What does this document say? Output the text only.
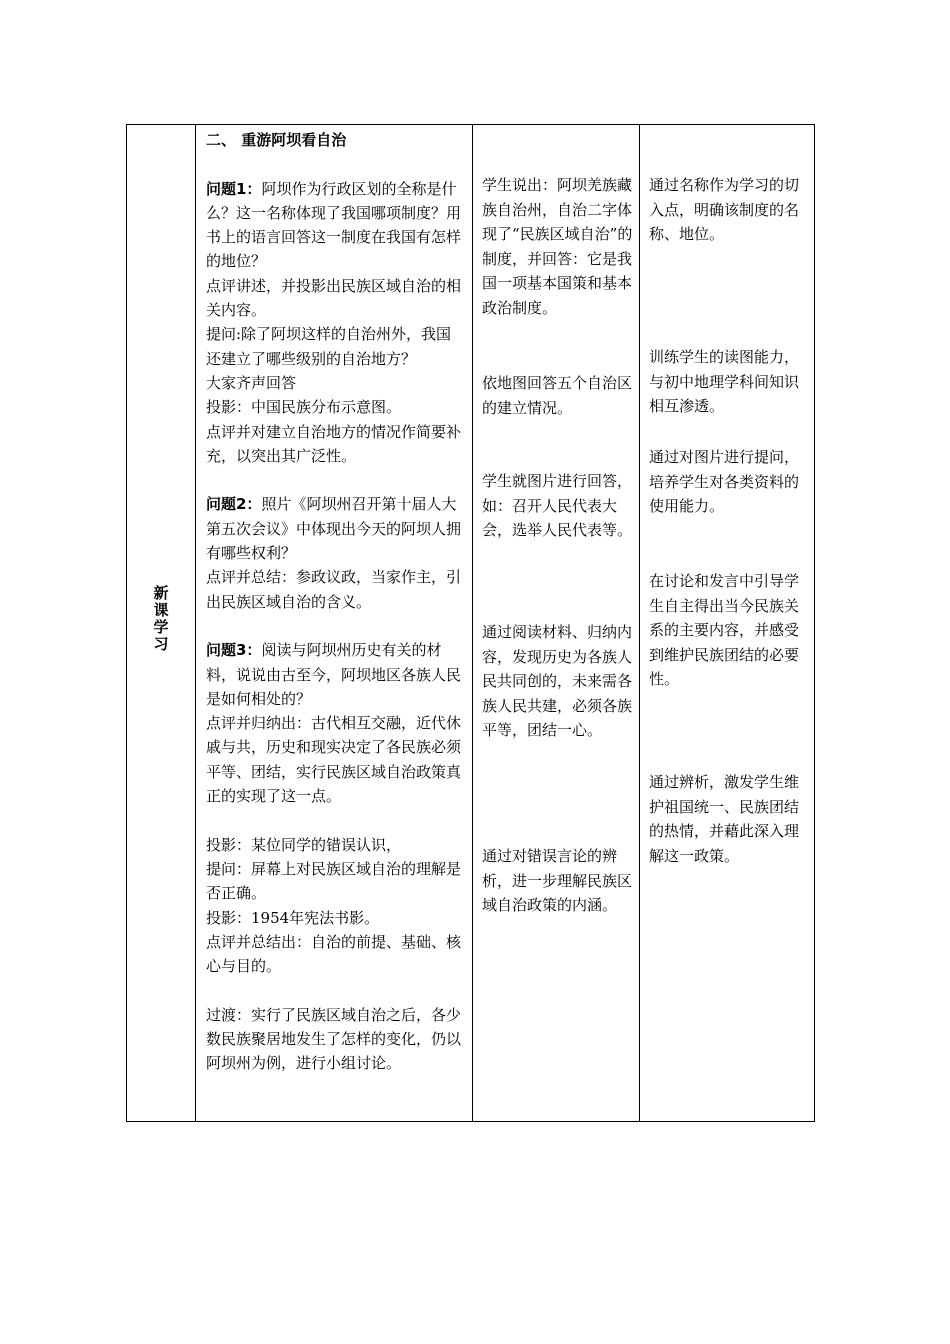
新
课
学
习

二、 重游阿坝看自治

问题1：阿坝作为行政区划的全称是什么？这一名称体现了我国哪项制度？用书上的语言回答这一制度在我国有怎样的地位？

点评讲述，并投影出民族区域自治的相关内容。

提问:除了阿坝这样的自治州外，我国还建立了哪些级别的自治地方？

大家齐声回答

投影：中国民族分布示意图。

点评并对建立自治地方的情况作简要补充，以突出其广泛性。

问题2：照片《阿坝州召开第十届人大第五次会议》中体现出今天的阿坝人拥有哪些权利？

点评并总结：参政议政，当家作主，引出民族区域自治的含义。

问题3：阅读与阿坝州历史有关的材料，说说由古至今，阿坝地区各族人民是如何相处的？

点评并归纳出：古代相互交融，近代休戚与共，历史和现实决定了各民族必须平等、团结，实行民族区域自治政策真正的实现了这一点。

投影：某位同学的错误认识，

提问：屏幕上对民族区域自治的理解是否正确。

投影：1954年宪法书影。

点评并总结出：自治的前提、基础、核心与目的。

过渡：实行了民族区域自治之后，各少数民族聚居地发生了怎样的变化，仍以阿坝州为例，进行小组讨论。

学生说出：阿坝羌族藏族自治州，自治二字体现了“民族区域自治”的制度，并回答：它是我国一项基本国策和基本政治制度。

依地图回答五个自治区的建立情况。

学生就图片进行回答，如：召开人民代表大会，选举人民代表等。

通过阅读材料、归纳内容，发现历史为各族人民共同创的，未来需各族人民共建，必须各族平等，团结一心。

通过对错误言论的辨析，进一步理解民族区域自治政策的内涵。

通过名称作为学习的切入点，明确该制度的名称、地位。

训练学生的读图能力，与初中地理学科间知识相互渗透。

通过对图片进行提问，培养学生对各类资料的使用能力。

在讨论和发言中引导学生自主得出当今民族关系的主要内容，并感受到维护民族团结的必要性。

通过辨析，激发学生维护祖国统一、民族团结的热情，并藉此深入理解这一政策。
